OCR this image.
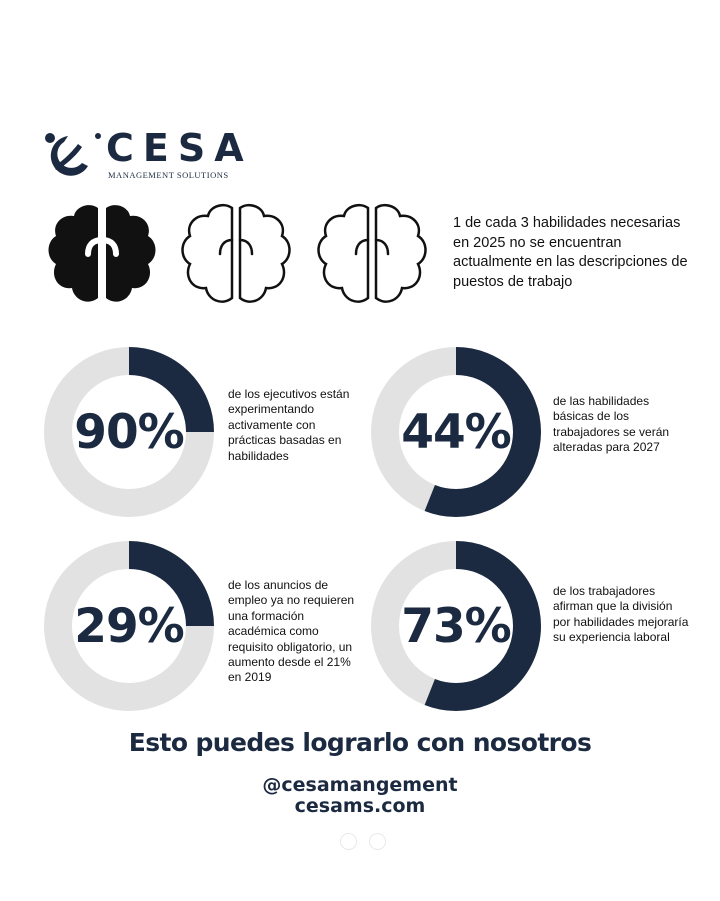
CESA
MANAGEMENT SOLUTIONS
1 de cada 3 habilidades necesarias en 2025 no se encuentran actualmente en las descripciones de puestos de trabajo
90%
de los ejecutivos están experimentando activamente con prácticas basadas en habilidades	44%
de las habilidades básicas de los trabajadores se verán alteradas para 2027
29%
de los anuncios de empleo ya no requieren una formación académica como requisito obligatorio, un aumento desde el 21% en 2019
73%
de los trabajadores afirman que la división por habilidades mejoraría su experiencia laboral
Esto puedes lograrlo con nosotros
@cesamangement
cesams.com
